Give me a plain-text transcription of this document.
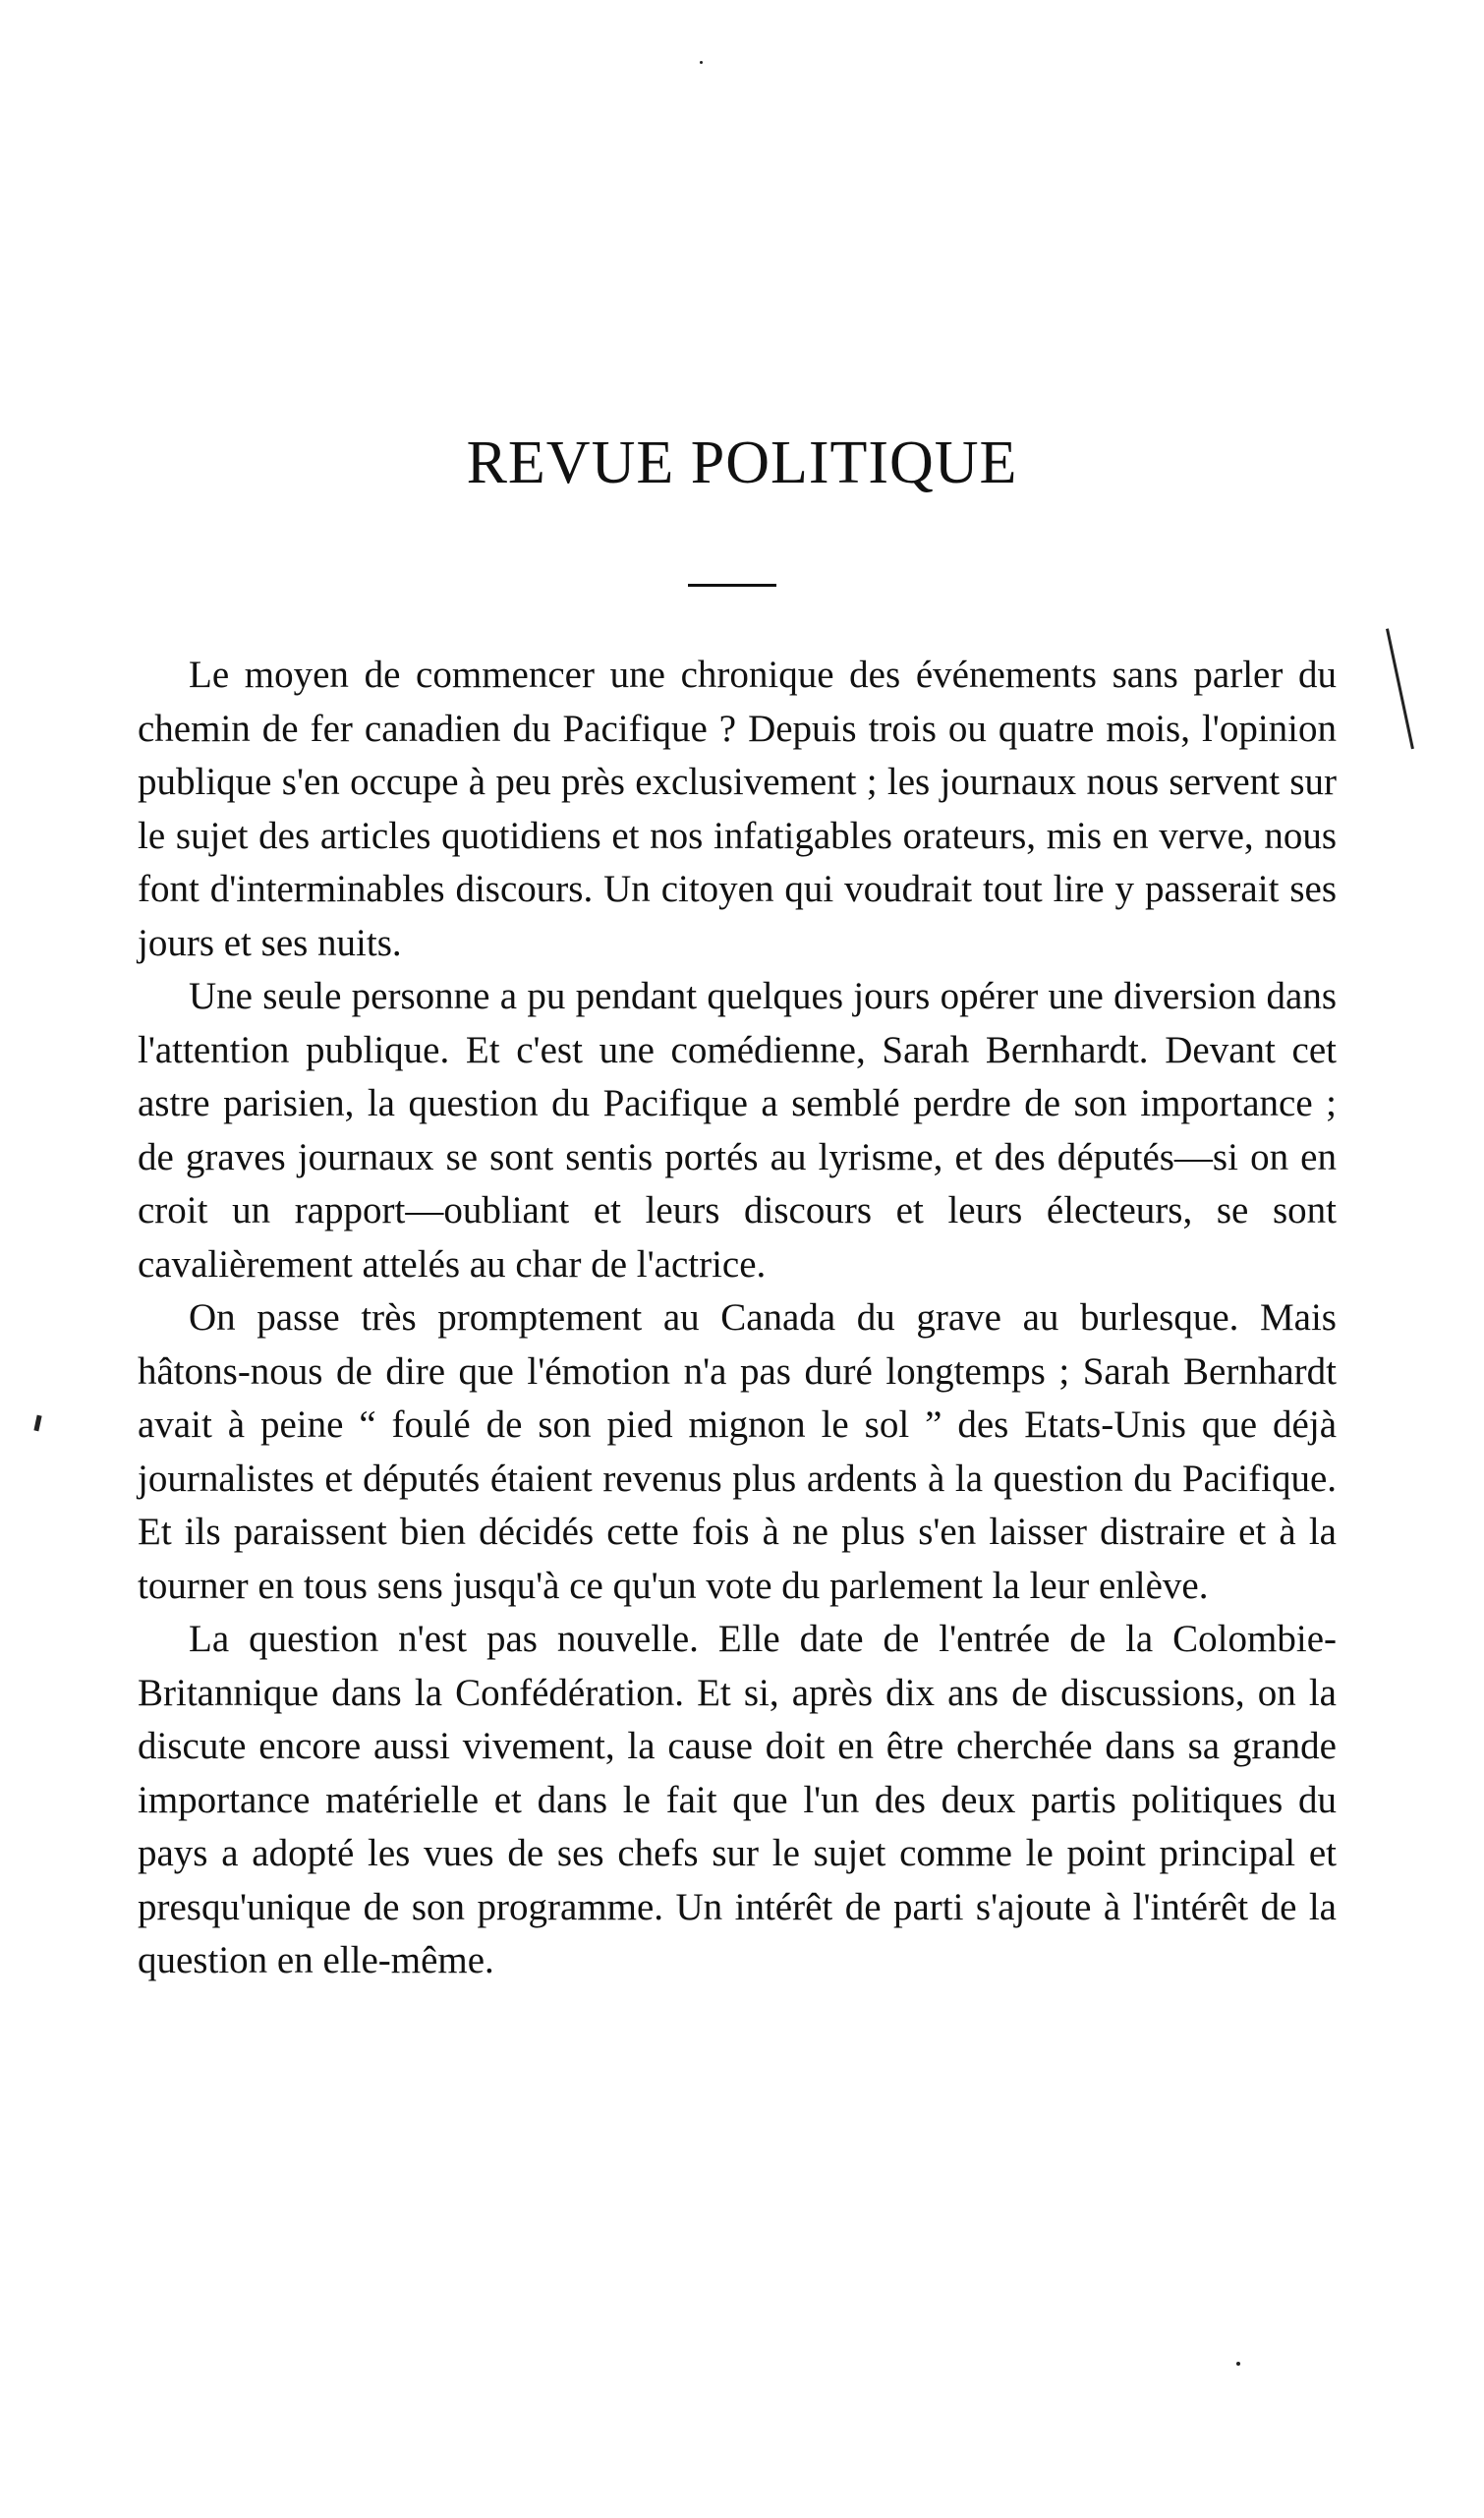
REVUE POLITIQUE

Le moyen de commencer une chronique des événements sans parler du chemin de fer canadien du Pacifique ? Depuis trois ou quatre mois, l'opinion publique s'en occupe à peu près exclusivement ; les journaux nous servent sur le sujet des articles quotidiens et nos infatigables orateurs, mis en verve, nous font d'interminables discours. Un citoyen qui voudrait tout lire y passerait ses jours et ses nuits.

Une seule personne a pu pendant quelques jours opérer une diversion dans l'attention publique. Et c'est une comédienne, Sarah Bernhardt. Devant cet astre parisien, la question du Pacifique a semblé perdre de son importance ; de graves journaux se sont sentis portés au lyrisme, et des députés—si on en croit un rapport—oubliant et leurs discours et leurs électeurs, se sont cavalièrement attelés au char de l'actrice.

On passe très promptement au Canada du grave au burlesque. Mais hâtons-nous de dire que l'émotion n'a pas duré longtemps ; Sarah Bernhardt avait à peine “ foulé de son pied mignon le sol ” des Etats-Unis que déjà journalistes et députés étaient revenus plus ardents à la question du Pacifique. Et ils paraissent bien décidés cette fois à ne plus s'en laisser distraire et à la tourner en tous sens jusqu'à ce qu'un vote du parlement la leur enlève.

La question n'est pas nouvelle. Elle date de l'entrée de la Colombie-Britannique dans la Confédération. Et si, après dix ans de discussions, on la discute encore aussi vivement, la cause doit en être cherchée dans sa grande importance matérielle et dans le fait que l'un des deux partis politiques du pays a adopté les vues de ses chefs sur le sujet comme le point principal et presqu'unique de son programme. Un intérêt de parti s'ajoute à l'intérêt de la question en elle-même.
